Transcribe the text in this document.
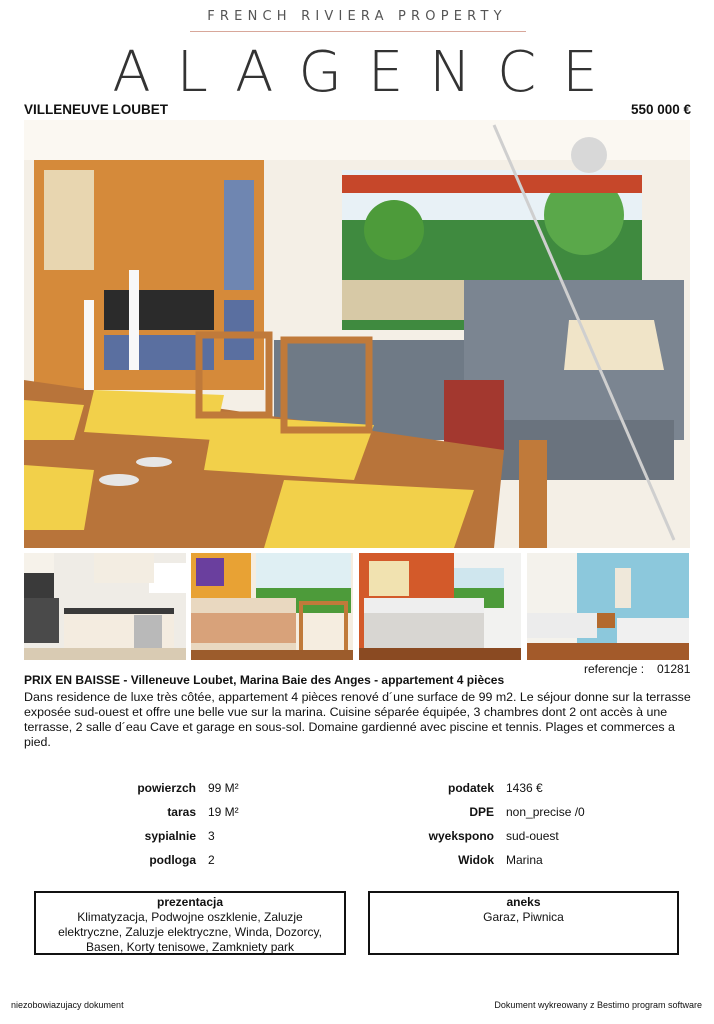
FRENCH RIVIERA PROPERTY
ALAGENCE
VILLENEUVE LOUBET	550 000 €
referencje : 01281
PRIX EN BAISSE - Villeneuve Loubet, Marina Baie des Anges - appartement 4 pièces
Dans residence de luxe très côtée, appartement 4 pièces renové d´une surface de 99 m2. Le séjour donne sur la terrasse exposée sud-ouest et offre une belle vue sur la marina. Cuisine séparée équipée, 3 chambres dont 2 ont accès à une terrasse, 2 salle d´eau Cave et garage en sous-sol. Domaine gardienné avec piscine et tennis. Plages et commerces a pied.
powierzch 99 M²
taras 19 M²
sypialnie 3
podloga 2
podatek 1436 €
DPE non_precise /0
wyekspono sud-ouest
Widok Marina
prezentacja
Klimatyzacja, Podwojne oszklenie, Zaluzje elektryczne, Zaluzje elektryczne, Winda, Dozorcy, Basen, Korty tenisowe, Zamkniety park
aneks
Garaz, Piwnica
niezobowiazujacy dokument	Dokument wykreowany z Bestimo program software
